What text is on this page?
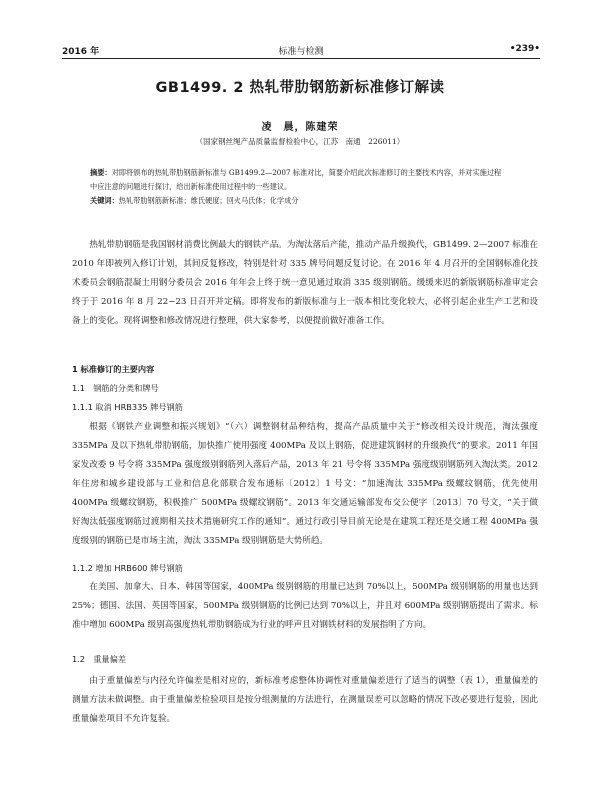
2016 年	标准与检测	•239•
GB1499. 2 热轧带肋钢筋新标准修订解读
凌　晨，陈建荣
（国家钢丝绳产品质量监督检验中心，江苏　南通　226011）
摘要：对即将颁布的热轧带肋钢筋新标准与 GB1499.2—2007 标准对比，简要介绍此次标准修订的主要技术内容，并对实施过程中应注意的问题进行探讨，给出新标准使用过程中的一些建议。
关键词：热轧带肋钢筋新标准；维氏硬度；回火马氏体；化学成分

热轧带肋钢筋是我国钢材消费比例最大的钢铁产品。为淘汰落后产能，推动产品升级换代，GB1499. 2—2007 标准在 2010 年即被列入修订计划，其间反复修改，特别是针对 335 牌号问题反复讨论。在 2016 年 4 月召开的全国钢标准化技术委员会钢筋混凝土用钢分委员会 2016 年年会上终于统一意见通过取消 335 级别钢筋。缓缓来迟的新版钢筋标准审定会终于于 2016 年 8 月 22~23 日召开并定稿。即将发布的新版标准与上一版本相比变化较大，必将引起企业生产工艺和设备上的变化。现将调整和修改情况进行整理，供大家参考，以便提前做好准备工作。

1 标准修订的主要内容
1.1　钢筋的分类和牌号
1.1.1 取消 HRB335 牌号钢筋

根据《钢铁产业调整和振兴规划》“（六）调整钢材品种结构，提高产品质量中关于“修改相关设计规范，淘汰强度 335MPa 及以下热轧带肋钢筋，加快推广使用强度 400MPa 及以上钢筋，促进建筑钢材的升级换代”的要求。2011 年国家发改委 9 号令将 335MPa 强度级别钢筋列入落后产品，2013 年 21 号令将 335MPa 强度级别钢筋列入淘汰类。2012 年住房和城乡建设部与工业和信息化部联合发布通标〔2012〕1 号文：“加速淘汰 335MPa 级螺纹钢筋，优先使用 400MPa 级螺纹钢筋，积极推广 500MPa 级螺纹钢筋”。2013 年交通运输部发布交公便字〔2013〕70 号文，“关于做好淘汰低强度钢筋过渡期相关技术措施研究工作的通知”。通过行政引导目前无论是在建筑工程还是交通工程 400MPa 强度级别的钢筋已是市场主流，淘汰 335MPa 级别钢筋是大势所趋。

1.1.2 增加 HRB600 牌号钢筋

在美国、加拿大、日本、韩国等国家，400MPa 级别钢筋的用量已达到 70%以上，500MPa 级别钢筋的用量也达到 25%；德国、法国、英国等国家，500MPa 级别钢筋的比例已达到 70%以上，并且对 600MPa 级别钢筋提出了需求。标准中增加 600MPa 级别高强度热轧带肋钢筋成为行业的呼声且对钢铁材料的发展指明了方向。

1.2　重量偏差

由于重量偏差与内径允许偏差是相对应的，新标准考虑整体协调性对重量偏差进行了适当的调整（表 1），重量偏差的测量方法未做调整。由于重量偏差检验项目是按分组测量的方法进行，在测量误差可以忽略的情况下改必要进行复验，因此重量偏差项目不允许复验。
